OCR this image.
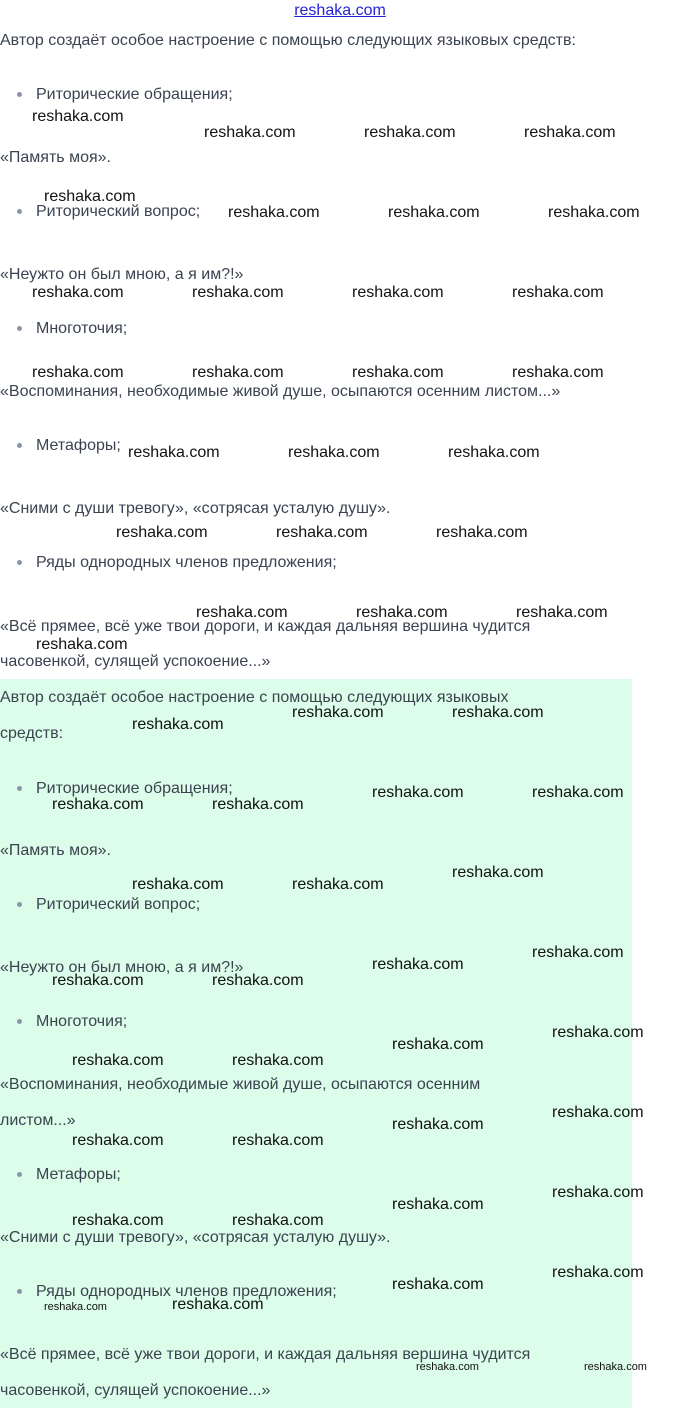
reshaka.com
Автор создаёт особое настроение с помощью следующих языковых средств:
Риторические обращения;
«Память моя».
Риторический вопрос;
«Неужто он был мною, а я им?!»
Многоточия;
«Воспоминания, необходимые живой душе, осыпаются осенним листом...»
Метафоры;
«Сними с души тревогу», «сотрясая усталую душу».
Ряды однородных членов предложения;
«Всё прямее, всё уже твои дороги, и каждая дальняя вершина чудится
часовенкой, сулящей успокоение...»
Автор создаёт особое настроение с помощью следующих языковых
средств:
Риторические обращения;
«Память моя».
Риторический вопрос;
«Неужто он был мною, а я им?!»
Многоточия;
«Воспоминания, необходимые живой душе, осыпаются осенним
листом...»
Метафоры;
«Сними с души тревогу», «сотрясая усталую душу».
Ряды однородных членов предложения;
«Всё прямее, всё уже твои дороги, и каждая дальняя вершина чудится
часовенкой, сулящей успокоение...»
reshaka.com
reshaka.com	reshaka.com	reshaka.com
reshaka.com
reshaka.com	reshaka.com	reshaka.com
reshaka.com	reshaka.com	reshaka.com	reshaka.com
reshaka.com	reshaka.com	reshaka.com	reshaka.com
reshaka.com	reshaka.com	reshaka.com
reshaka.com	reshaka.com	reshaka.com
reshaka.com	reshaka.com	reshaka.com
reshaka.com
reshaka.com	reshaka.com
reshaka.com
reshaka.com	reshaka.com
reshaka.com	reshaka.com
reshaka.com
reshaka.com	reshaka.com
reshaka.com
reshaka.com
reshaka.com	reshaka.com
reshaka.com
reshaka.com
reshaka.com	reshaka.com
reshaka.com
reshaka.com
reshaka.com	reshaka.com
reshaka.com
reshaka.com
reshaka.com	reshaka.com
reshaka.com
reshaka.com
reshaka.com
reshaka.com
reshaka.com	reshaka.com
